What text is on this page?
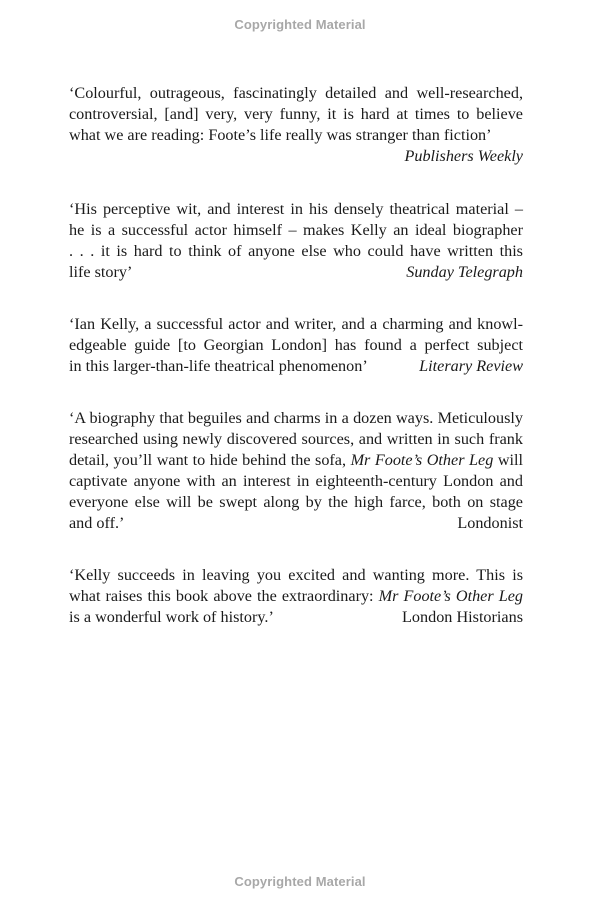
Copyrighted Material
‘Colourful, outrageous, fascinatingly detailed and well-researched,
controversial, [and] very, very funny, it is hard at times to believe
what we are reading: Foote’s life really was stranger than fiction’
Publishers Weekly
‘His perceptive wit, and interest in his densely theatrical material –
he is a successful actor himself – makes Kelly an ideal biographer
. . . it is hard to think of anyone else who could have written this
life story’	Sunday Telegraph
‘Ian Kelly, a successful actor and writer, and a charming and knowl-
edgeable guide [to Georgian London] has found a perfect subject
in this larger-than-life theatrical phenomenon’	Literary Review
‘A biography that beguiles and charms in a dozen ways. Meticulously
researched using newly discovered sources, and written in such frank
detail, you’ll want to hide behind the sofa, Mr Foote’s Other Leg will
captivate anyone with an interest in eighteenth-century London and
everyone else will be swept along by the high farce, both on stage
and off.’	Londonist
‘Kelly succeeds in leaving you excited and wanting more. This is
what raises this book above the extraordinary: Mr Foote’s Other Leg
is a wonderful work of history.’	London Historians
Copyrighted Material
